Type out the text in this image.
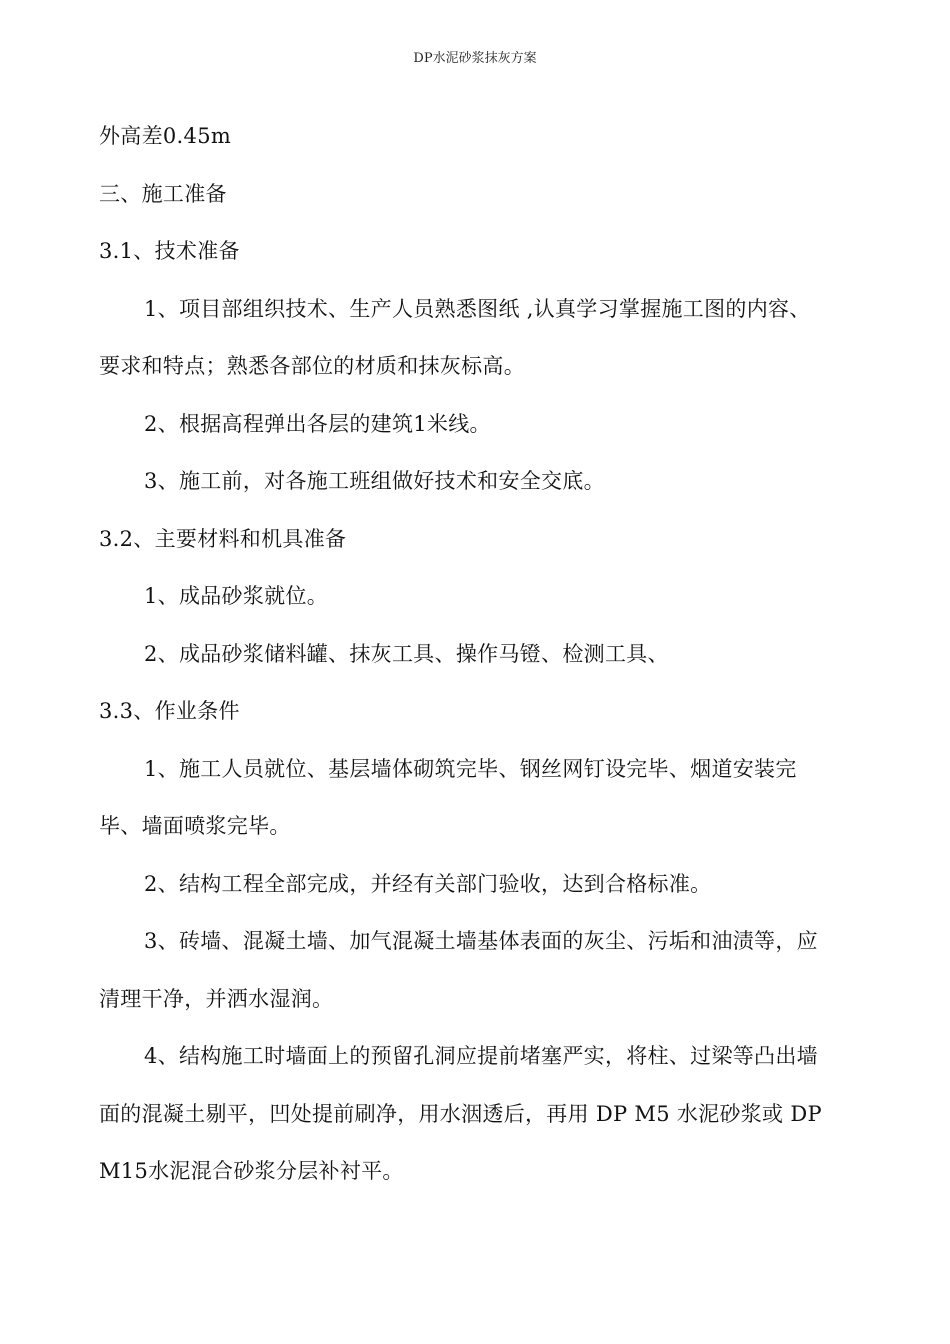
DP水泥砂浆抹灰方案
外高差0.45m
三、施工准备
3.1、技术准备
1、项目部组织技术、生产人员熟悉图纸 ,认真学习掌握施工图的内容、
要求和特点；熟悉各部位的材质和抹灰标高。
2、根据高程弹出各层的建筑1米线。
3、施工前，对各施工班组做好技术和安全交底。
3.2、主要材料和机具准备
1、成品砂浆就位。
2、成品砂浆储料罐、抹灰工具、操作马镫、检测工具、
3.3、作业条件
1、施工人员就位、基层墙体砌筑完毕、钢丝网钉设完毕、烟道安装完
毕、墙面喷浆完毕。
2、结构工程全部完成，并经有关部门验收，达到合格标准。
3、砖墙、混凝土墙、加气混凝土墙基体表面的灰尘、污垢和油渍等，应
清理干净，并洒水湿润。
4、结构施工时墙面上的预留孔洞应提前堵塞严实，将柱、过梁等凸出墙
面的混凝土剔平，凹处提前刷净，用水洇透后，再用 DP M5 水泥砂浆或 DP
M15水泥混合砂浆分层补衬平。
